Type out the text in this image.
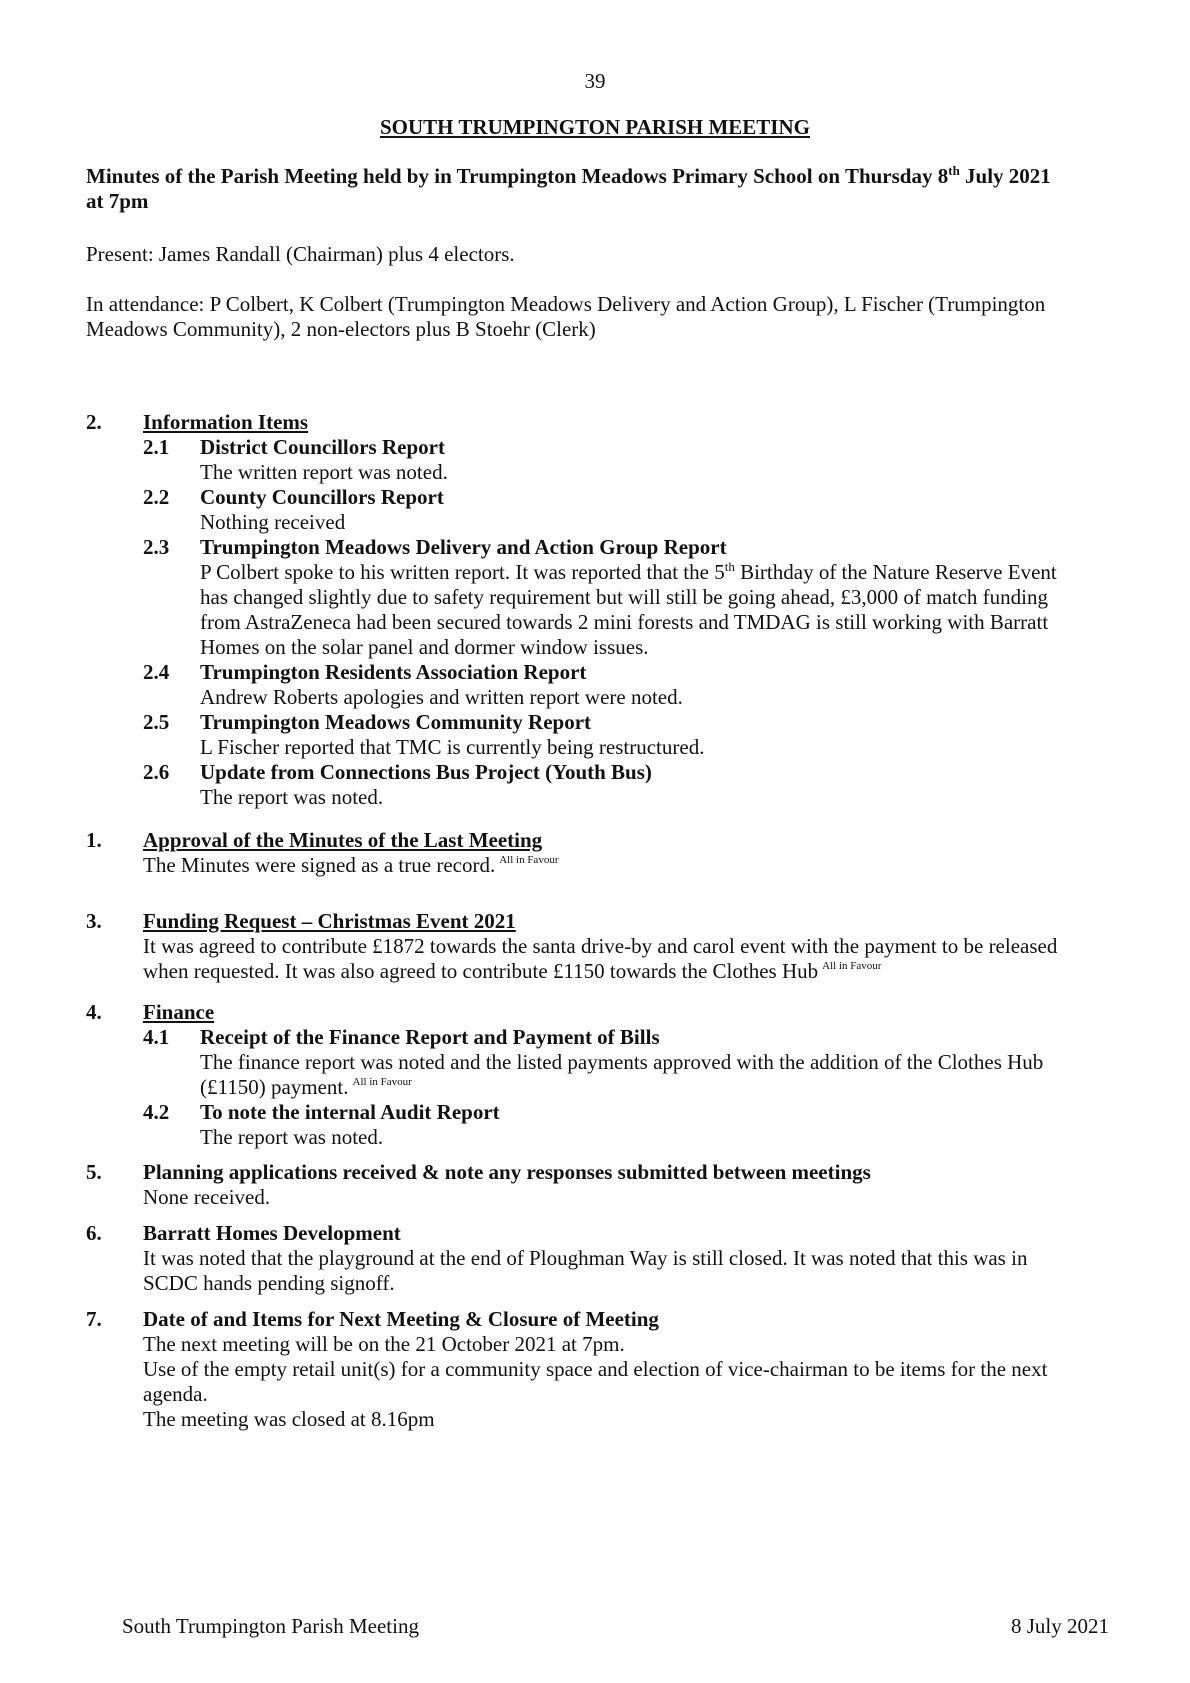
39
SOUTH TRUMPINGTON PARISH MEETING
Minutes of the Parish Meeting held by in Trumpington Meadows Primary School on Thursday 8th July 2021
at 7pm
Present: James Randall (Chairman) plus 4 electors.
In attendance: P Colbert, K Colbert (Trumpington Meadows Delivery and Action Group), L Fischer (Trumpington
Meadows Community), 2 non-electors plus B Stoehr (Clerk)
2. Information Items
2.1 District Councillors Report
The written report was noted.
2.2 County Councillors Report
Nothing received
2.3 Trumpington Meadows Delivery and Action Group Report
P Colbert spoke to his written report. It was reported that the 5th Birthday of the Nature Reserve Event
has changed slightly due to safety requirement but will still be going ahead, £3,000 of match funding
from AstraZeneca had been secured towards 2 mini forests and TMDAG is still working with Barratt
Homes on the solar panel and dormer window issues.
2.4 Trumpington Residents Association Report
Andrew Roberts apologies and written report were noted.
2.5 Trumpington Meadows Community Report
L Fischer reported that TMC is currently being restructured.
2.6 Update from Connections Bus Project (Youth Bus)
The report was noted.
1. Approval of the Minutes of the Last Meeting
The Minutes were signed as a true record. $^{All in Favour}$
3. Funding Request – Christmas Event 2021
It was agreed to contribute £1872 towards the santa drive-by and carol event with the payment to be released
when requested. It was also agreed to contribute £1150 towards the Clothes Hub $^{All in Favour}$
4. Finance
4.1 Receipt of the Finance Report and Payment of Bills
The finance report was noted and the listed payments approved with the addition of the Clothes Hub
(£1150) payment. $^{All in Favour}$
4.2 To note the internal Audit Report
The report was noted.
5. Planning applications received & note any responses submitted between meetings
None received.
6. Barratt Homes Development
It was noted that the playground at the end of Ploughman Way is still closed. It was noted that this was in
SCDC hands pending signoff.
7. Date of and Items for Next Meeting & Closure of Meeting
The next meeting will be on the 21 October 2021 at 7pm.
Use of the empty retail unit(s) for a community space and election of vice-chairman to be items for the next
agenda.
The meeting was closed at 8.16pm
South Trumpington Parish Meeting	8 July 2021
